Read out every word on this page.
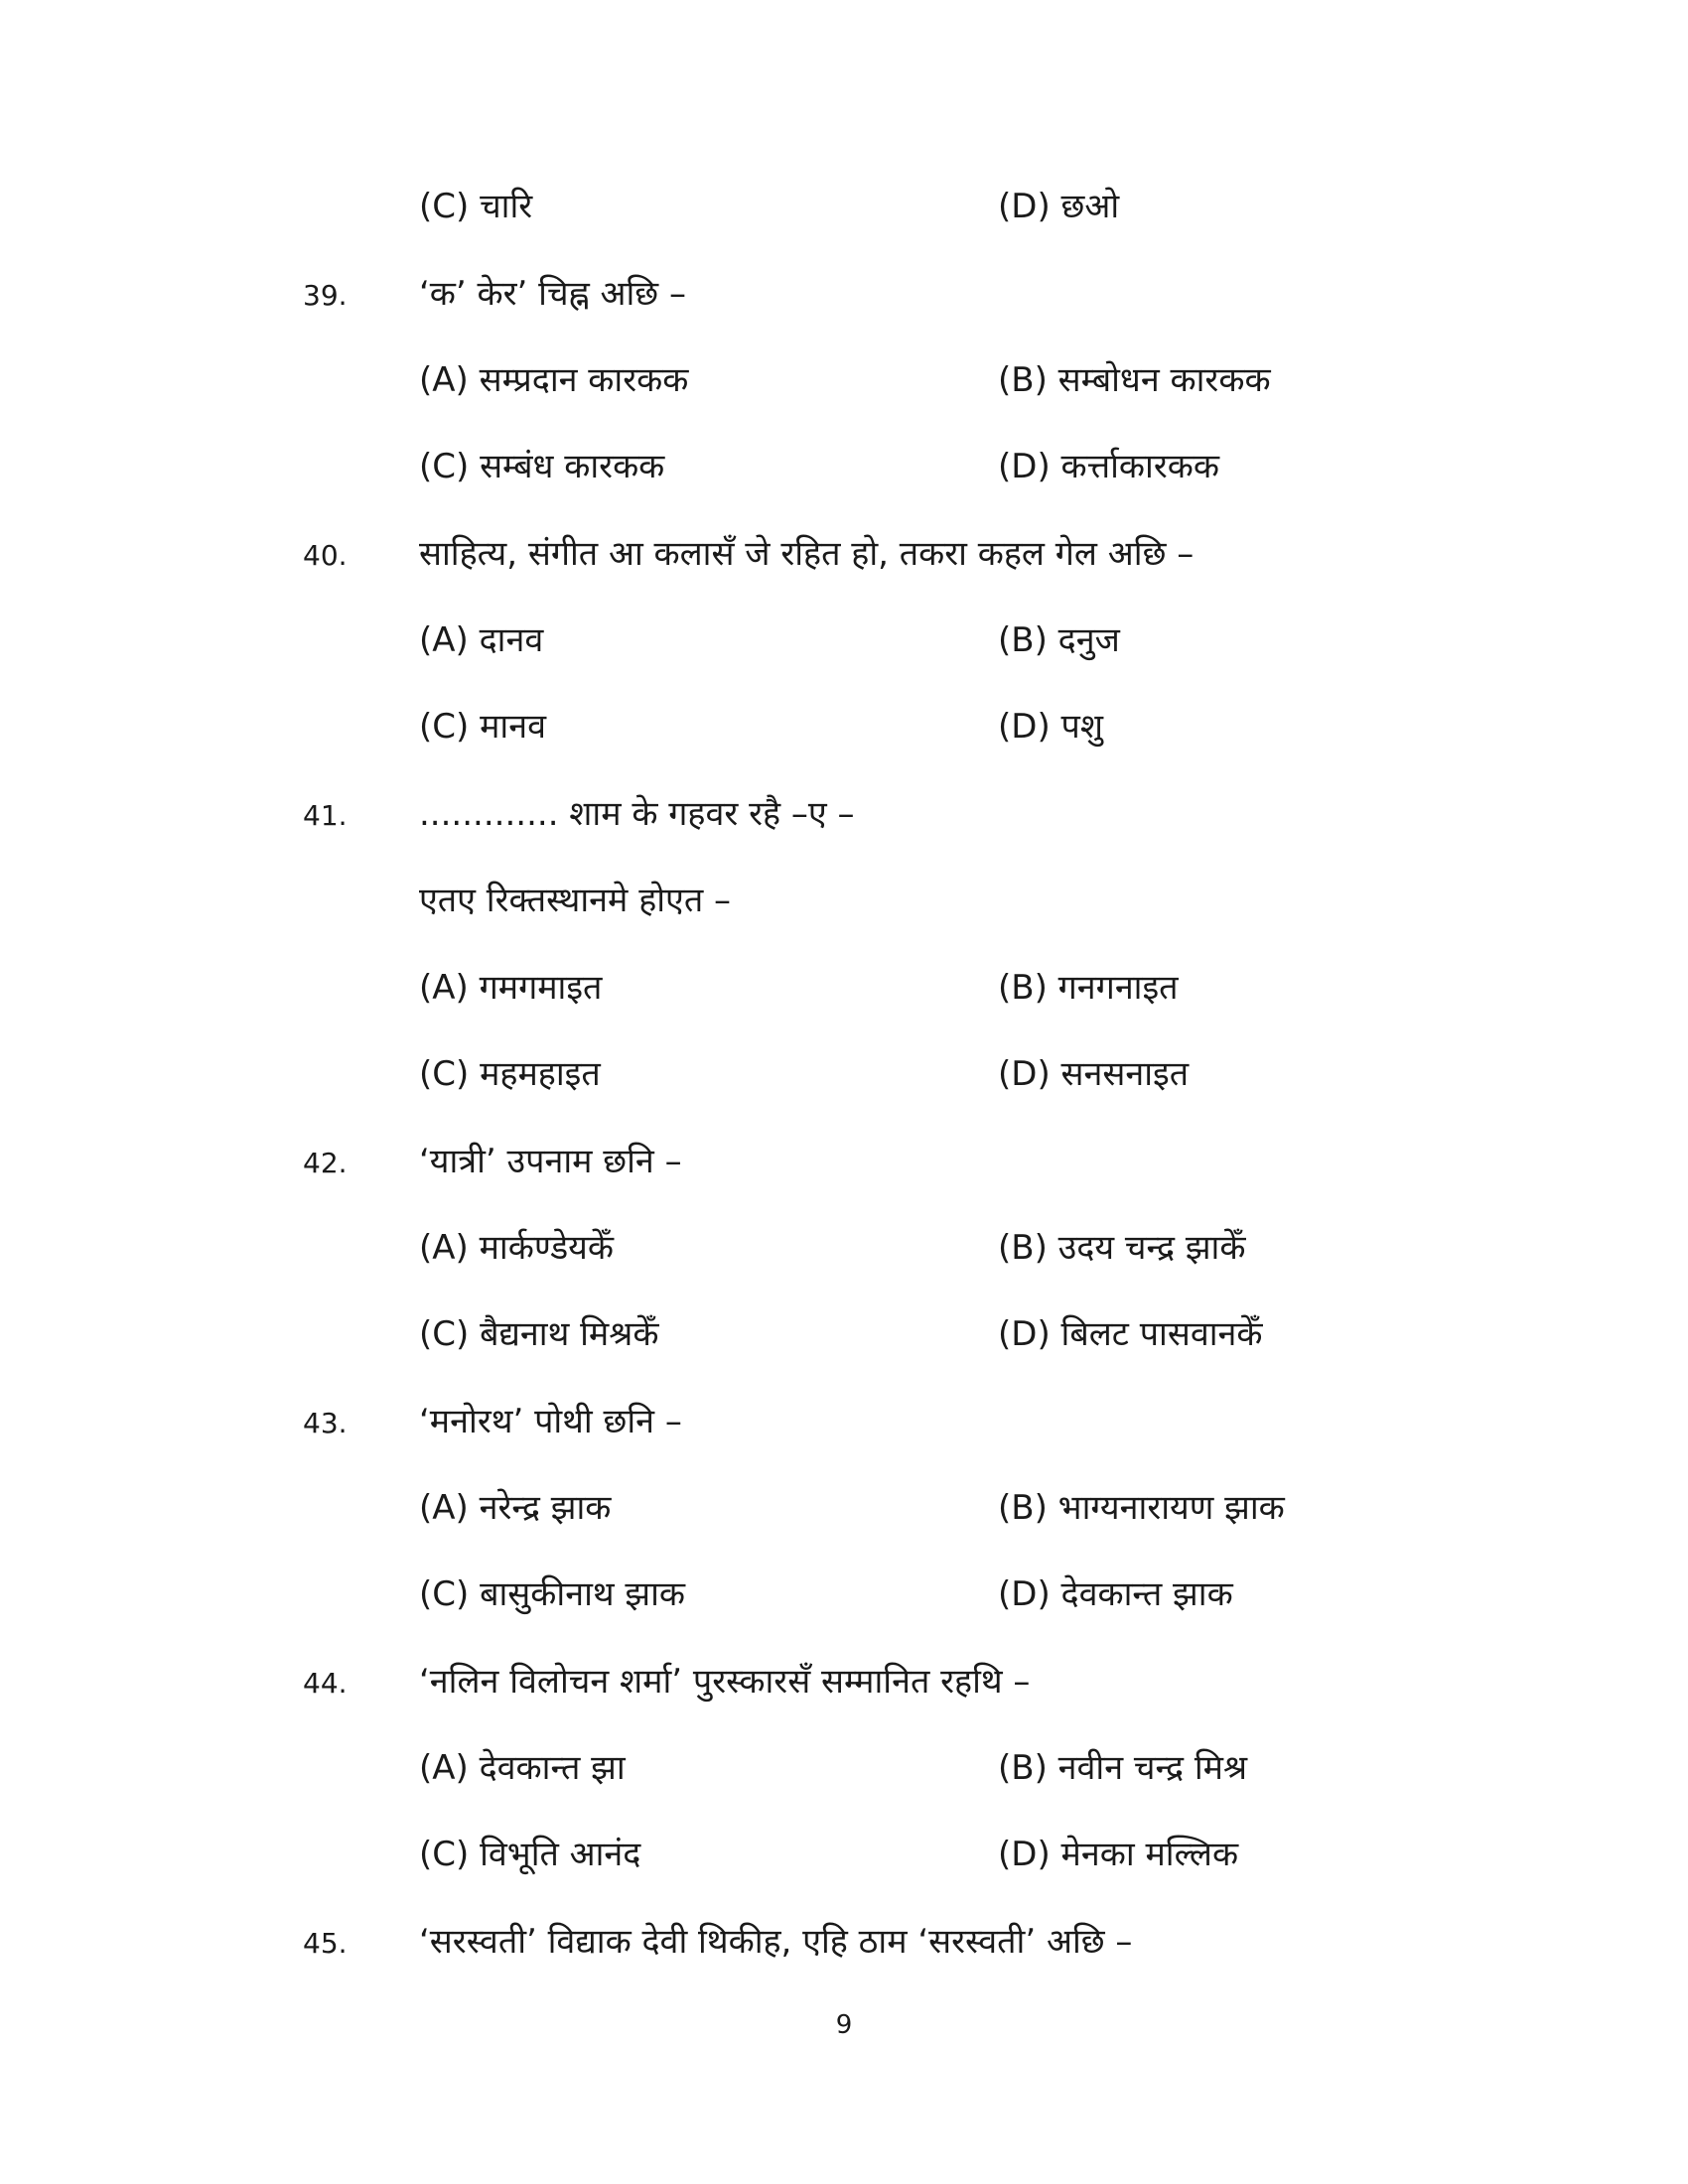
(C) चारि	(D) छओ
39. ‘क’ केर’ चिह्न अछि –
(A) सम्प्रदान कारकक	(B) सम्बोधन कारकक
(C) सम्बंध कारकक	(D) कर्त्ताकारकक
40. साहित्य, संगीत आ कलासँ जे रहित हो, तकरा कहल गेल अछि –
(A) दानव	(B) दनुज
(C) मानव	(D) पशु
41. ............. शाम के गहवर रहै –ए –
एतए रिक्तस्थानमे होएत –
(A) गमगमाइत	(B) गनगनाइत
(C) महमहाइत	(D) सनसनाइत
42. ‘यात्री’ उपनाम छनि –
(A) मार्कण्डेयकेँ	(B) उदय चन्द्र झाकेँ
(C) बैद्यनाथ मिश्रकेँ	(D) बिलट पासवानकेँ
43. ‘मनोरथ’ पोथी छनि –
(A) नरेन्द्र झाक	(B) भाग्यनारायण झाक
(C) बासुकीनाथ झाक	(D) देवकान्त झाक
44. ‘नलिन विलोचन शर्मा’ पुरस्कारसँ सम्मानित रहथि –
(A) देवकान्त झा	(B) नवीन चन्द्र मिश्र
(C) विभूति आनंद	(D) मेनका मल्लिक
45. ‘सरस्वती’ विद्याक देवी थिकीह, एहि ठाम ‘सरस्वती’ अछि –
9
